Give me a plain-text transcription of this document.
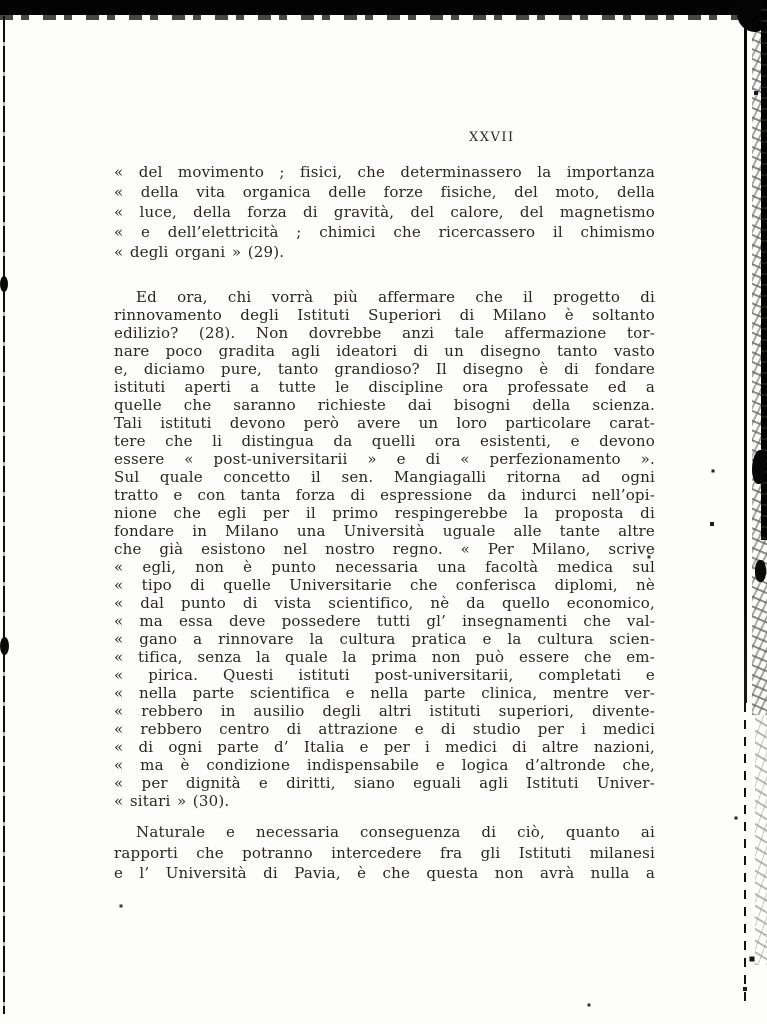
XXVII
« del movimento ; fisici, che determinassero la importanza
« della vita organica delle forze fisiche, del moto, della
« luce, della forza di gravità, del calore, del magnetismo
« e dell’elettricità ; chimici che ricercassero il chimismo
« degli organi » (29).
Ed ora, chi vorrà più affermare che il progetto di
rinnovamento degli Istituti Superiori di Milano è soltanto
edilizio? (28). Non dovrebbe anzi tale affermazione tor-
nare poco gradita agli ideatori di un disegno tanto vasto
e, diciamo pure, tanto grandioso? Il disegno è di fondare
istituti aperti a tutte le discipline ora professate ed a
quelle che saranno richieste dai bisogni della scienza.
Tali istituti devono però avere un loro particolare carat-
tere che li distingua da quelli ora esistenti, e devono
essere « post-universitarii » e di « perfezionamento ».
Sul quale concetto il sen. Mangiagalli ritorna ad ogni
tratto e con tanta forza di espressione da indurci nell’opi-
nione che egli per il primo respingerebbe la proposta di
fondare in Milano una Università uguale alle tante altre
che già esistono nel nostro regno. « Per Milano, scrive
« egli, non è punto necessaria una facoltà medica sul
« tipo di quelle Universitarie che conferisca diplomi, nè
« dal punto di vista scientifico, nè da quello economico,
« ma essa deve possedere tutti gl’ insegnamenti che val-
« gano a rinnovare la cultura pratica e la cultura scien-
« tifica, senza la quale la prima non può essere che em-
« pirica. Questi istituti post-universitarii, completati e
« nella parte scientifica e nella parte clinica, mentre ver-
« rebbero in ausilio degli altri istituti superiori, divente-
« rebbero centro di attrazione e di studio per i medici
« di ogni parte d’ Italia e per i medici di altre nazioni,
« ma è condizione indispensabile e logica d’altronde che,
« per dignità e diritti, siano eguali agli Istituti Univer-
« sitari » (30).
Naturale e necessaria conseguenza di ciò, quanto ai
rapporti che potranno intercedere fra gli Istituti milanesi
e l’ Università di Pavia, è che questa non avrà nulla a
